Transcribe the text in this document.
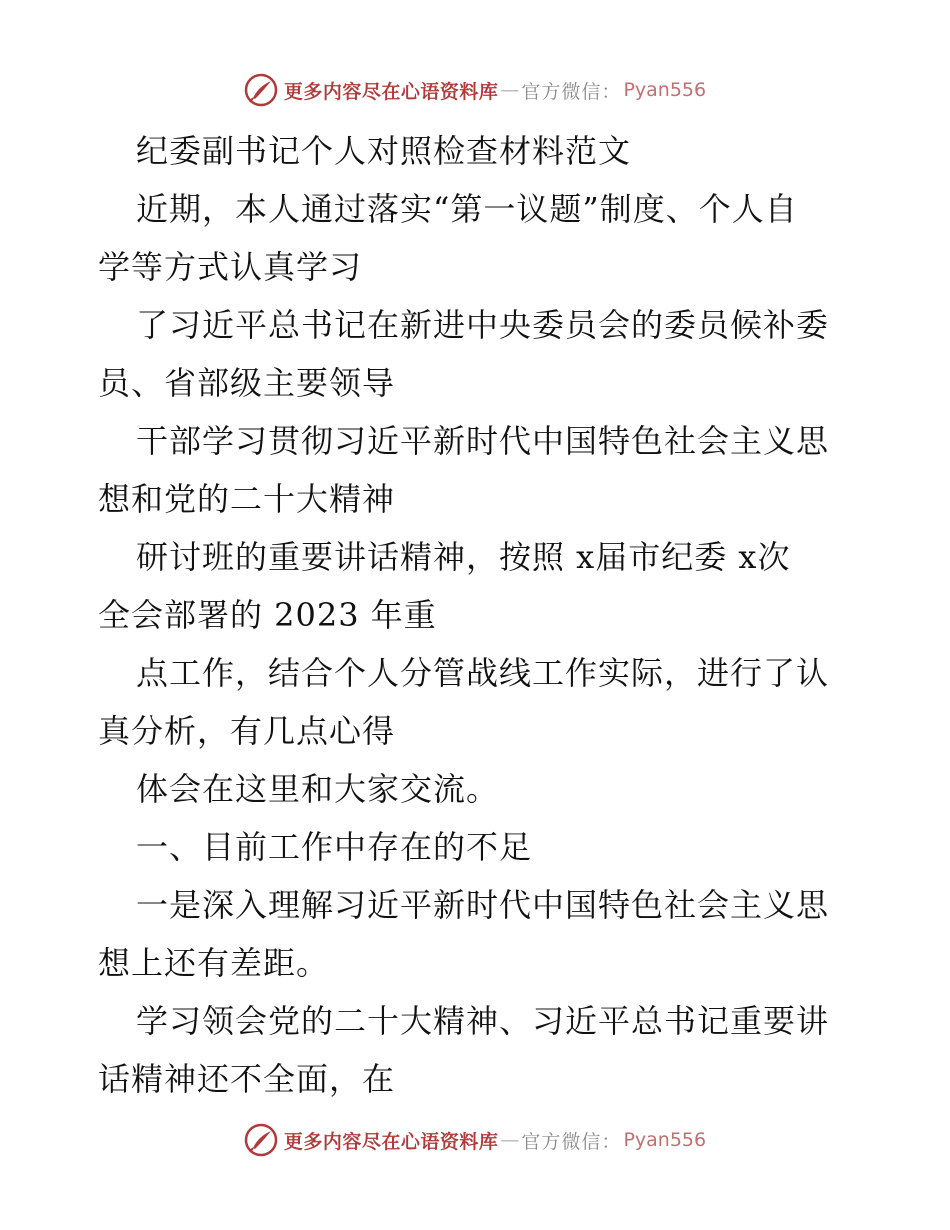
更多内容尽在心语资料库 — 官方微信： Pyan556
纪委副书记个人对照检查材料范文
近期，本人通过落实“第一议题”制度、个人自
学等方式认真学习
了习近平总书记在新进中央委员会的委员候补委
员、省部级主要领导
干部学习贯彻习近平新时代中国特色社会主义思
想和党的二十大精神
研讨班的重要讲话精神，按照 x届市纪委 x次
全会部署的 2023 年重
点工作，结合个人分管战线工作实际，进行了认
真分析，有几点心得
体会在这里和大家交流。
一、目前工作中存在的不足
一是深入理解习近平新时代中国特色社会主义思
想上还有差距。
学习领会党的二十大精神、习近平总书记重要讲
话精神还不全面，在
更多内容尽在心语资料库 — 官方微信： Pyan556
